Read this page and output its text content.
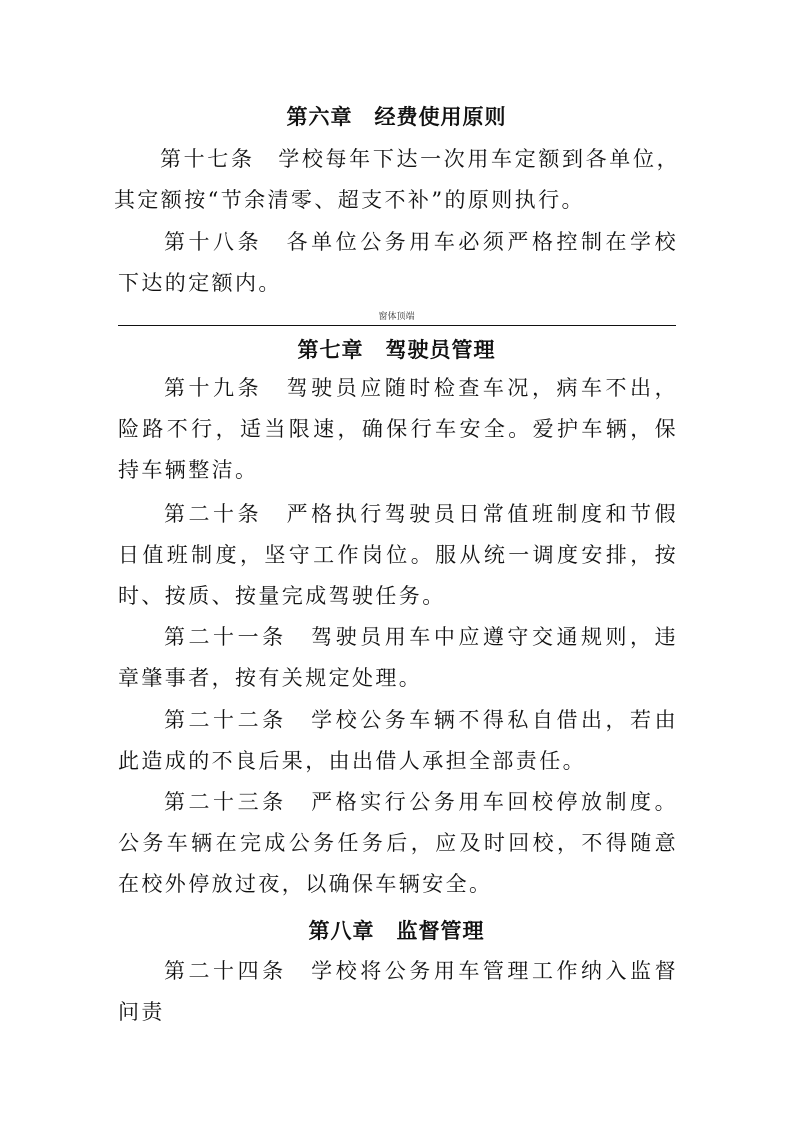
第六章　经费使用原则
第十七条　学校每年下达一次用车定额到各单位，其定额按“节余清零、超支不补”的原则执行。
第十八条　各单位公务用车必须严格控制在学校下达的定额内。
窗体顶端
第七章　驾驶员管理
第十九条　驾驶员应随时检查车况，病车不出，险路不行，适当限速，确保行车安全。爱护车辆，保持车辆整洁。
第二十条　严格执行驾驶员日常值班制度和节假日值班制度，坚守工作岗位。服从统一调度安排，按时、按质、按量完成驾驶任务。
第二十一条　驾驶员用车中应遵守交通规则，违章肇事者，按有关规定处理。
第二十二条　学校公务车辆不得私自借出，若由此造成的不良后果，由出借人承担全部责任。
第二十三条　严格实行公务用车回校停放制度。公务车辆在完成公务任务后，应及时回校，不得随意在校外停放过夜，以确保车辆安全。
第八章　监督管理
第二十四条　学校将公务用车管理工作纳入监督问责
